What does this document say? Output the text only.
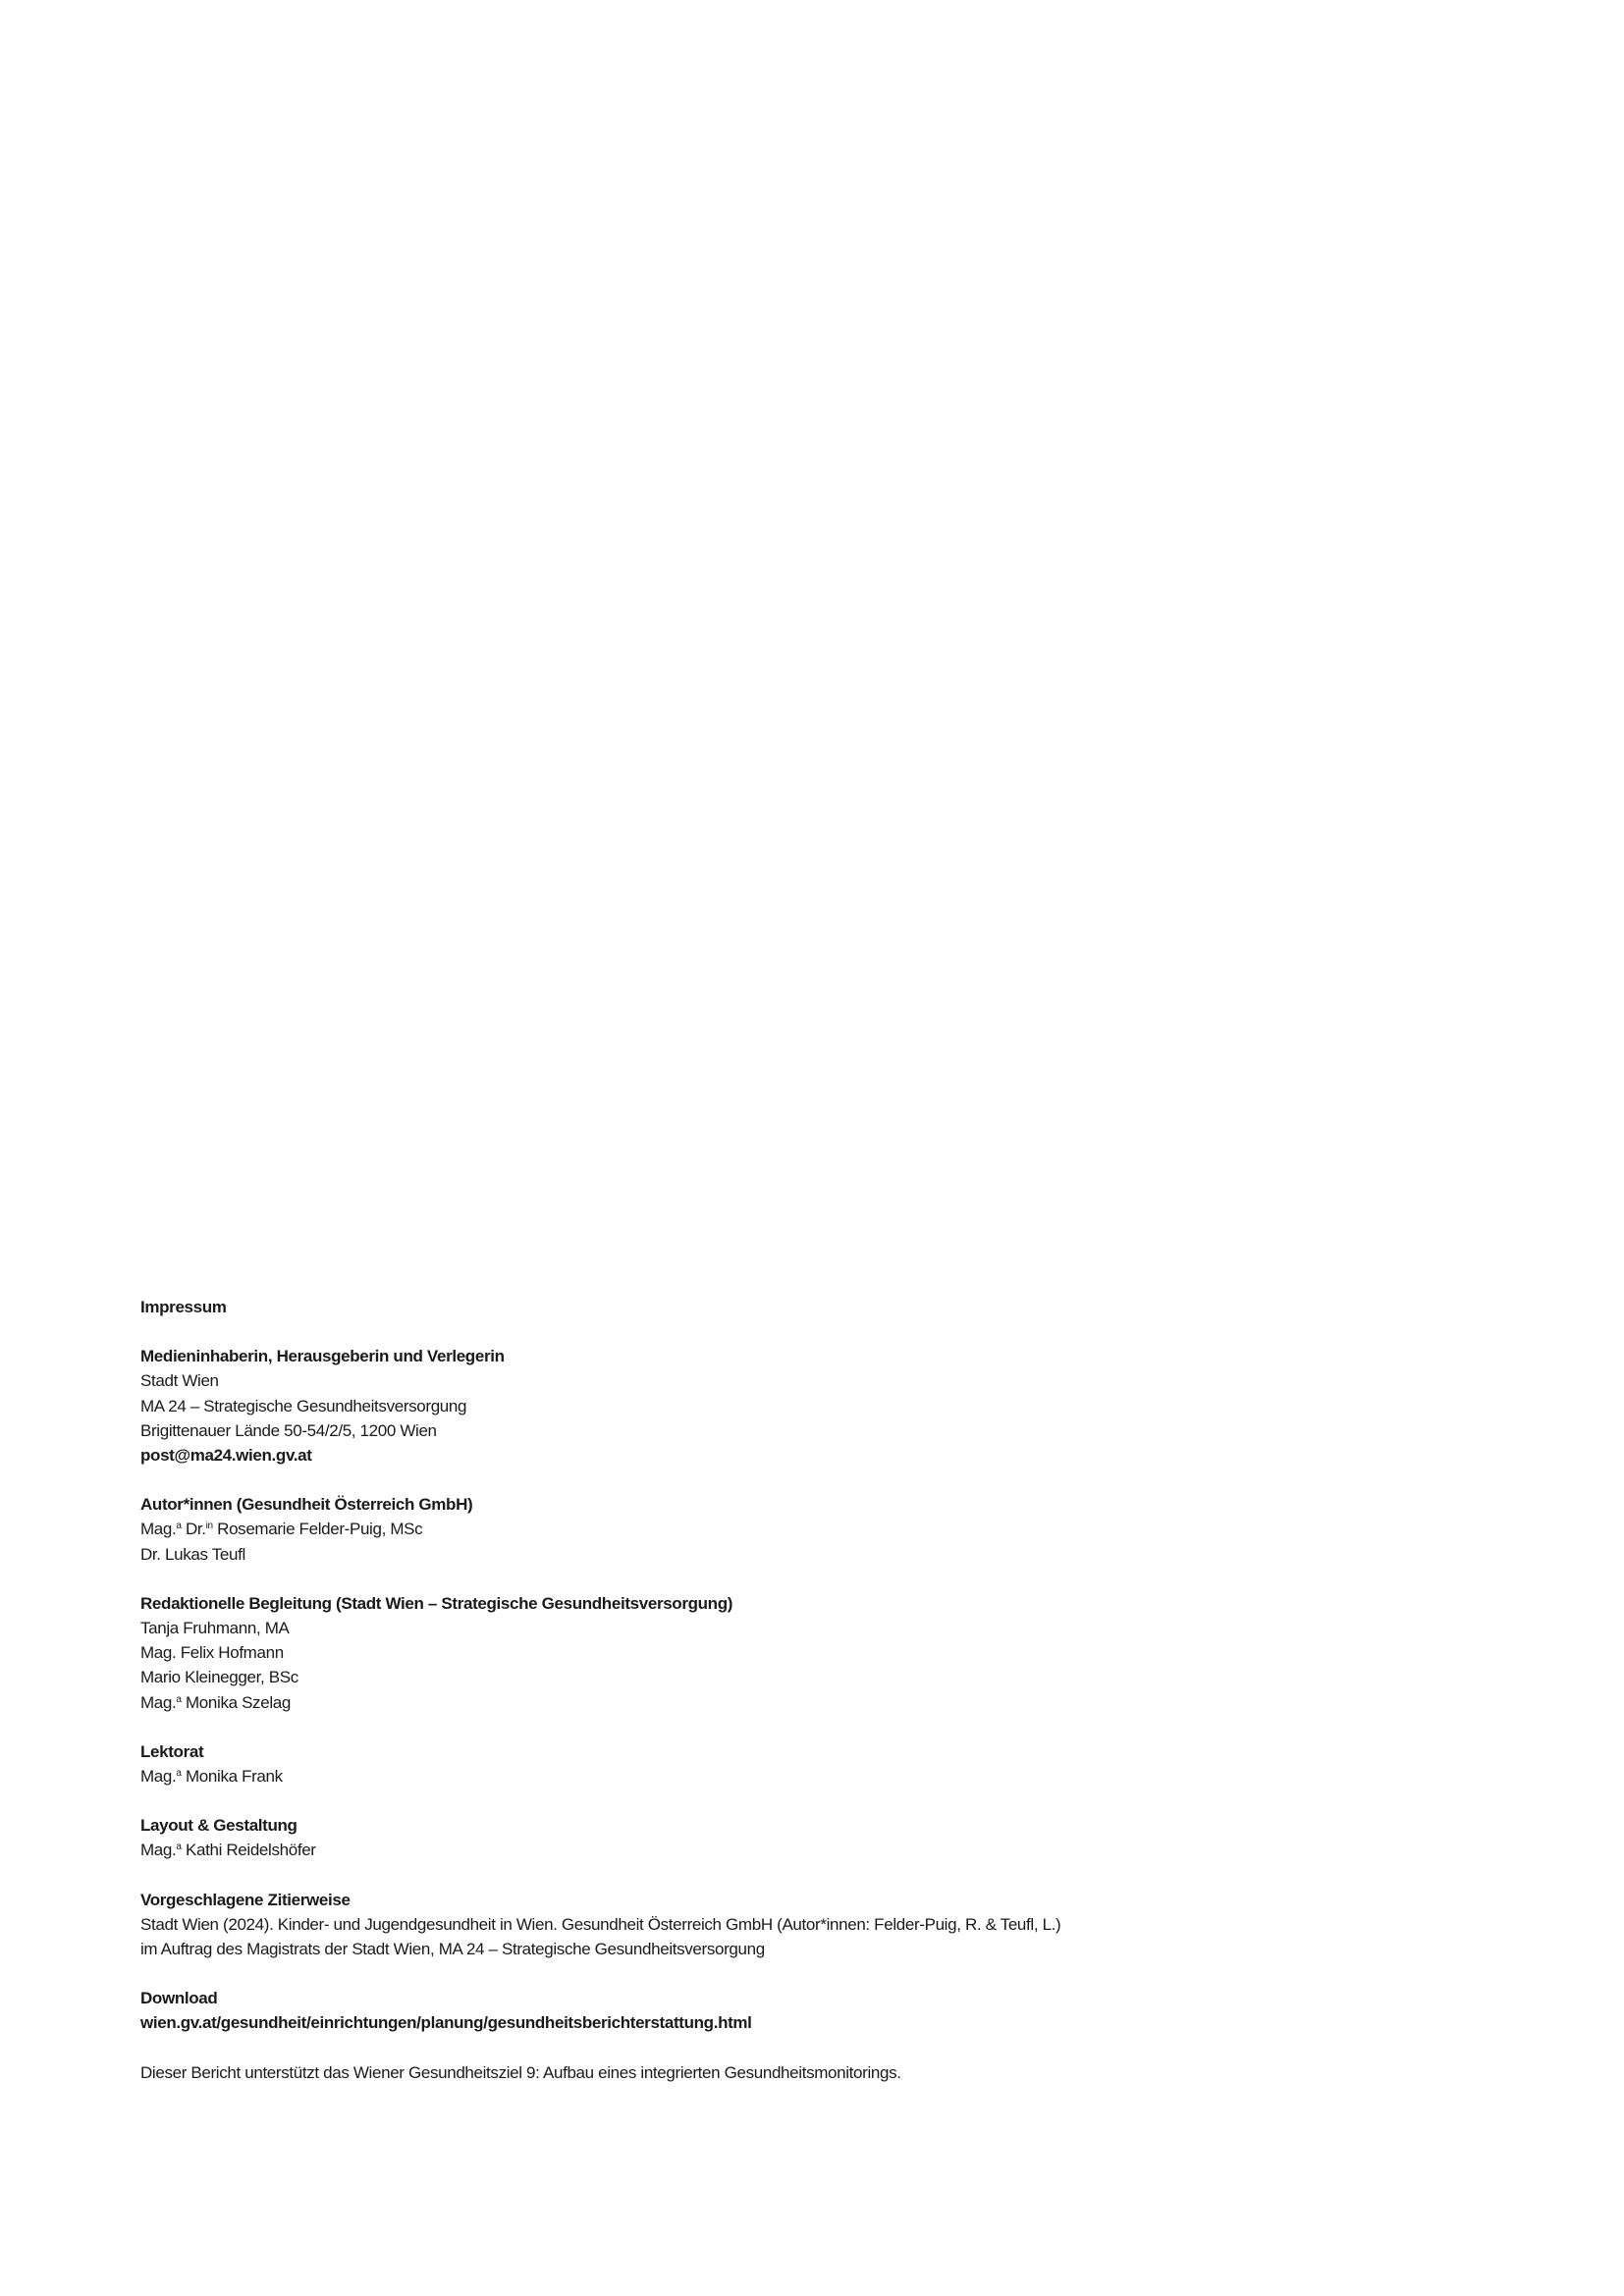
Impressum
Medieninhaberin, Herausgeberin und Verlegerin
Stadt Wien
MA 24 – Strategische Gesundheitsversorgung
Brigittenauer Lände 50-54/2/5, 1200 Wien
post@ma24.wien.gv.at
Autor*innen (Gesundheit Österreich GmbH)
Mag.$^a$ Dr.$^{in}$ Rosemarie Felder-Puig, MSc
Dr. Lukas Teufl
Redaktionelle Begleitung (Stadt Wien – Strategische Gesundheitsversorgung)
Tanja Fruhmann, MA
Mag. Felix Hofmann
Mario Kleinegger, BSc
Mag.$^a$ Monika Szelag
Lektorat
Mag.$^a$ Monika Frank
Layout & Gestaltung
Mag.$^a$ Kathi Reidelshöfer
Vorgeschlagene Zitierweise
Stadt Wien (2024). Kinder- und Jugendgesundheit in Wien. Gesundheit Österreich GmbH (Autor*innen: Felder-Puig, R. & Teufl, L.)
im Auftrag des Magistrats der Stadt Wien, MA 24 – Strategische Gesundheitsversorgung
Download
wien.gv.at/gesundheit/einrichtungen/planung/gesundheitsberichterstattung.html
Dieser Bericht unterstützt das Wiener Gesundheitsziel 9: Aufbau eines integrierten Gesundheitsmonitorings.
